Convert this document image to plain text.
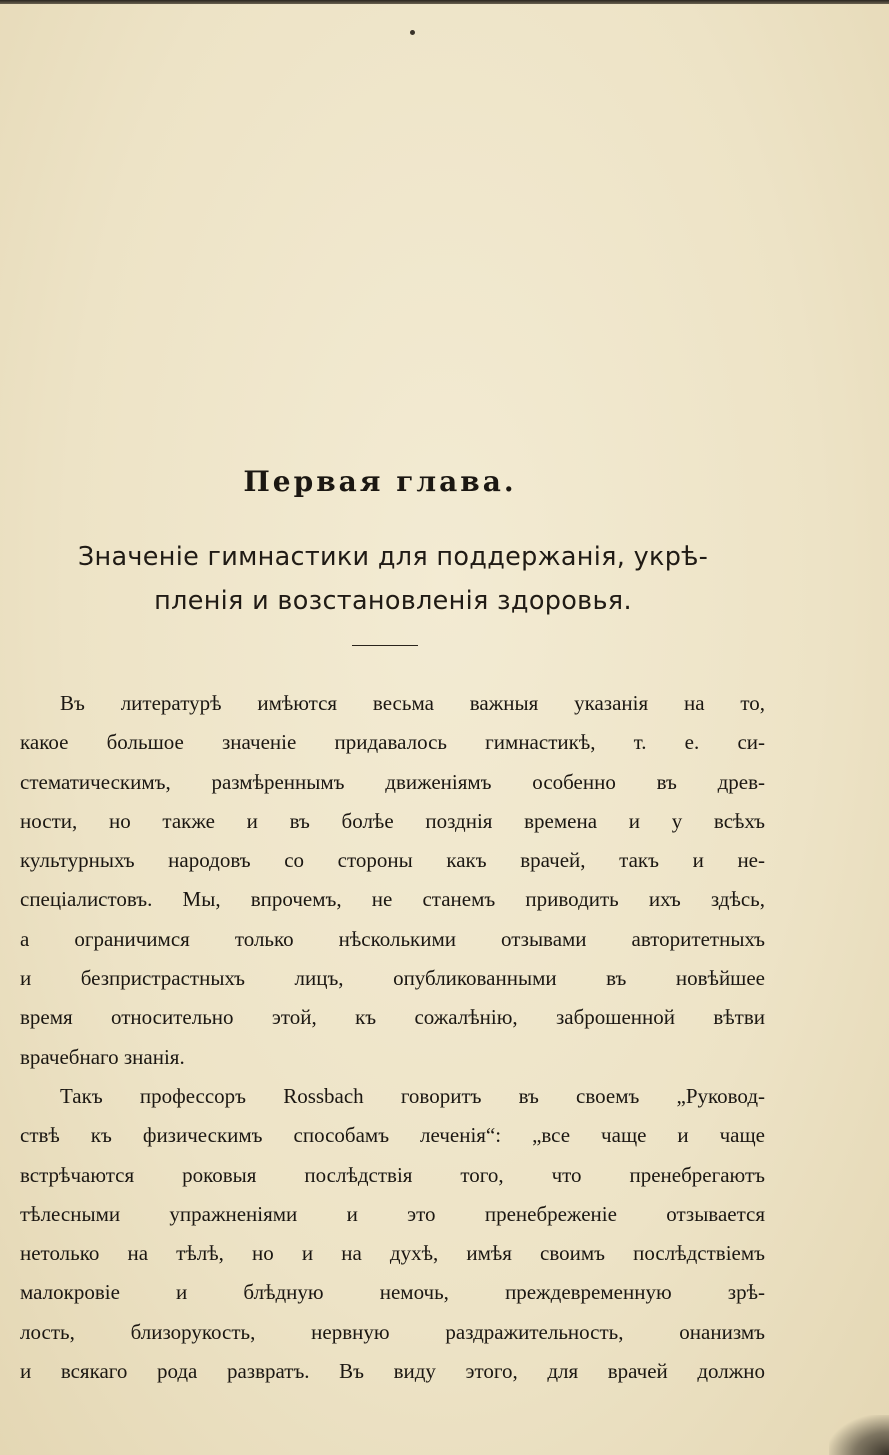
Первая глава.
Значеніе гимнастики для поддержанія, укрѣ-
пленія и возстановленія здоровья.
Въ литературѣ имѣются весьма важныя указанія на то,
какое большое значеніе придавалось гимнастикѣ, т. е. си-
стематическимъ, размѣреннымъ движеніямъ особенно въ древ-
ности, но также и въ болѣе позднія времена и у всѣхъ
культурныхъ народовъ со стороны какъ врачей, такъ и не-
спеціалистовъ. Мы, впрочемъ, не станемъ приводить ихъ здѣсь,
а ограничимся только нѣсколькими отзывами авторитетныхъ
и безпристрастныхъ лицъ, опубликованными въ новѣйшее
время относительно этой, къ сожалѣнію, заброшенной вѣтви
врачебнаго знанія.
Такъ профессоръ Rossbach говоритъ въ своемъ „Руковод-
ствѣ къ физическимъ способамъ леченія“: „все чаще и чаще
встрѣчаются роковыя послѣдствія того, что пренебрегаютъ
тѣлесными упражненіями и это пренебреженіе отзывается
нетолько на тѣлѣ, но и на духѣ, имѣя своимъ послѣдствіемъ
малокровіе и блѣдную немочь, преждевременную зрѣ-
лость, близорукость, нервную раздражительность, онанизмъ
и всякаго рода развратъ. Въ виду этого, для врачей должно
